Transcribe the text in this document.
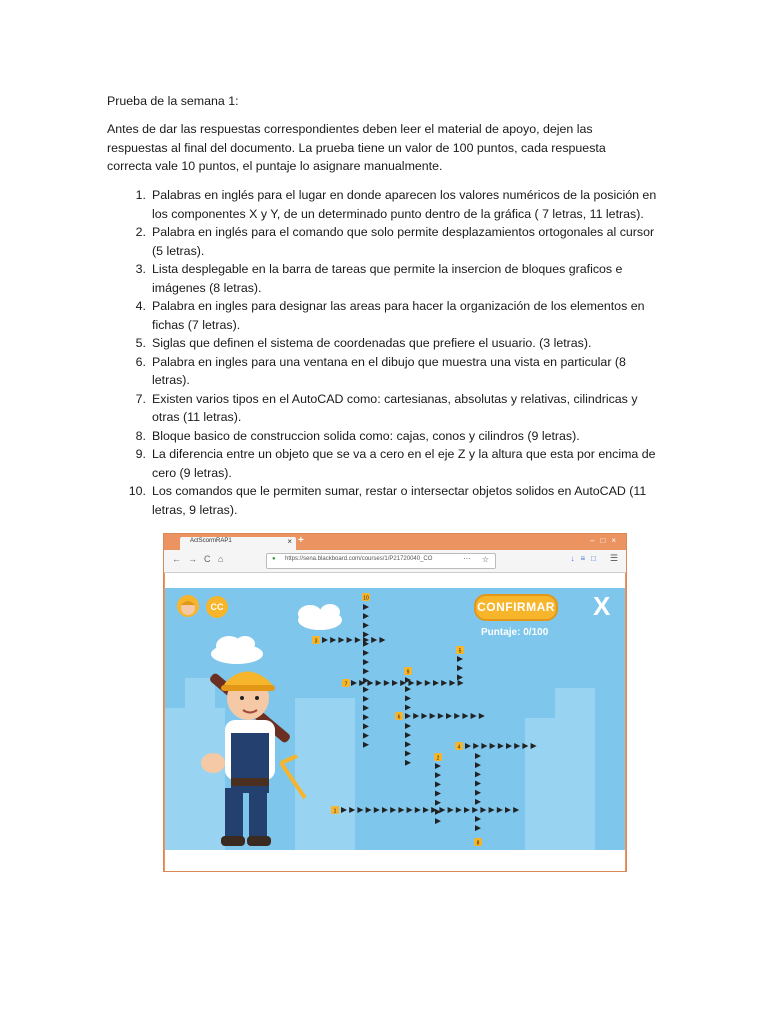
Prueba de la semana 1:
Antes de dar las respuestas correspondientes deben leer el material de apoyo, dejen las respuestas al final del documento. La prueba tiene un valor de 100 puntos, cada respuesta correcta vale 10 puntos, el puntaje lo asignare manualmente.
1. Palabras en inglés para el lugar en donde aparecen los valores numéricos de la posición en los componentes X y Y, de un determinado punto dentro de la gráfica ( 7 letras, 11 letras).
2. Palabra en inglés para el comando que solo permite desplazamientos ortogonales al cursor (5 letras).
3. Lista desplegable en la barra de tareas que permite la insercion de bloques graficos e imágenes (8 letras).
4. Palabra en ingles para designar las areas para hacer la organización de los elementos en fichas (7 letras).
5. Siglas que definen el sistema de coordenadas que prefiere el usuario. (3 letras).
6. Palabra en ingles para una ventana en el dibujo que muestra una vista en particular (8 letras).
7. Existen varios tipos en el AutoCAD como: cartesianas, absolutas y relativas, cilindricas y otras (11 letras).
8. Bloque basico de construccion solida como: cajas, conos y cilindros (9 letras).
9. La diferencia entre un objeto que se va a cero en el eje Z y la altura que esta por encima de cero (9 letras).
10. Los comandos que le permiten sumar, restar o intersectar objetos solidos en AutoCAD (11 letras, 9 letras).
ActScormRAP1	× +	–□×
← → C ⌂	● https://sena.blackboard.com/courses/1/P21720040_CO	··· ☆	↓≡□ ☰
10
3
7
9
5
6
4
2
1
8
CC	CONFIRMAR X
Puntaje: 0/100
